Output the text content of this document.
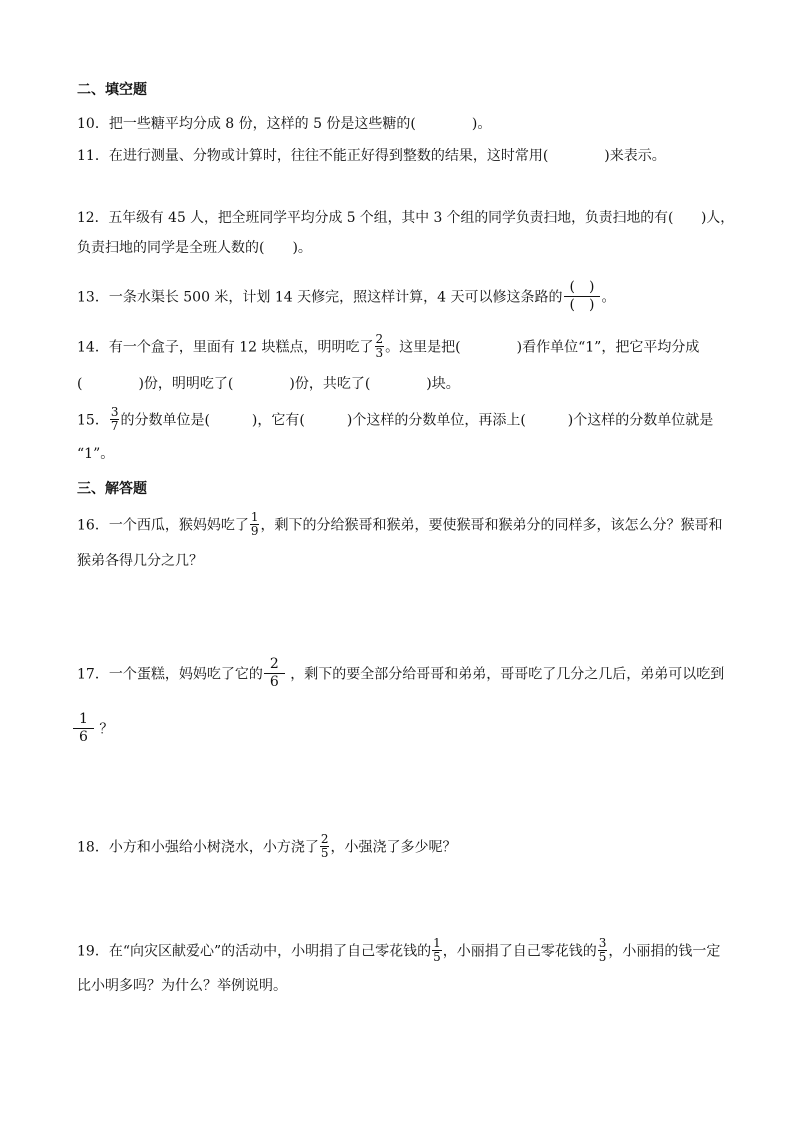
二、填空题
10．把一些糖平均分成 8 份，这样的 5 份是这些糖的(　　　　)。
11．在进行测量、分物或计算时，往往不能正好得到整数的结果，这时常用(　　　　)来表示。
12．五年级有 45 人，把全班同学平均分成 5 个组，其中 3 个组的同学负责扫地，负责扫地的有(　　)人，
负责扫地的同学是全班人数的(　　)。
13．一条水渠长 500 米，计划 14 天修完，照这样计算，4 天可以修这条路的 $\frac{( )}{( )}$ 。
14．有一个盒子，里面有 12 块糕点，明明吃了 $\frac{2}{3}$ 。这里是把(　　　　)看作单位“1”，把它平均分成
(　　　　)份，明明吃了(　　　　)份，共吃了(　　　　)块。
15． $\frac{3}{7}$ 的分数单位是(　　　)，它有(　　　)个这样的分数单位，再添上(　　　)个这样的分数单位就是
“1”。
三、解答题
16．一个西瓜，猴妈妈吃了 $\frac{1}{9}$ ，剩下的分给猴哥和猴弟，要使猴哥和猴弟分的同样多，该怎么分？猴哥和
猴弟各得几分之几？
17．一个蛋糕，妈妈吃了它的 $\frac{2}{6}$ ，剩下的要全部分给哥哥和弟弟，哥哥吃了几分之几后，弟弟可以吃到
$\frac{1}{6}$ ？
18．小方和小强给小树浇水，小方浇了 $\frac{2}{5}$ ，小强浇了多少呢？
19．在“向灾区献爱心”的活动中，小明捐了自己零花钱的 $\frac{1}{5}$ ，小丽捐了自己零花钱的 $\frac{3}{5}$ ，小丽捐的钱一定
比小明多吗？为什么？举例说明。
